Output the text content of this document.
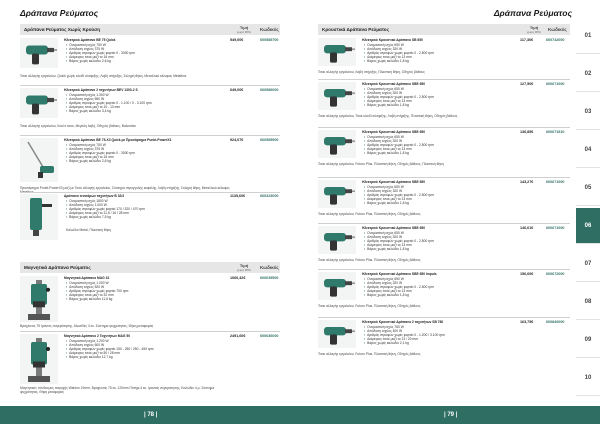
Δράπανα Ρεύματος
Δράπανα Ρεύματος Χωρίς Κρούση	Τιμή
χωρίς ΦΠΑ	Κωδικός
Ηλεκτρικό Δράπανο BE 75 Quick
▪ Ονομαστική ισχύς 750 W
▪ Απόδοση ισχύος 375 W
▪ Αριθμός στροφών χωρίς φορτίο 0 - 3000 rpm
▪ Διάμετρος τσοκ μαζί το 16 mm
▪ Βάρος χωρίς καλώδιο 2,6 kg
Τσοκ αλλαγής εργαλείου, Quick χωρίς κλειδί σύσφιξης, Λαβή στήριξης, Σκληρή θήκη, Μεταλλικό κέλυφος Metalbox
549,00€	600585700
Ηλεκτρικό Δράπανο 2 ταχυτήτων BEV 1300-2 S
▪ Ονομαστική ισχύς 1.300 W
▪ Απόδοση ισχύος 650 W
▪ Αριθμός στροφών χωρίς φορτίο 0 - 1.100 / 0 - 3.100 rpm
▪ Διάμετρος τσοκ μαζί το 10 - 13 mm
▪ Βάρος χωρίς καλώδιο 3,4 kg
Τσοκ αλλαγής εργαλείου, Κουλτ τσοκ, Μεγάλη λαβή, Οδηγός βάθους, Βαλιτσάκι
649,00€	600586000
Ηλεκτρικό Δράπανο BE 75-X3 Quick με Προσάρτημα Punkt-PowerX3
▪ Ονομαστική ισχύς 750 W
▪ Απόδοση ισχύος 375 W
▪ Αριθμός στροφών χωρίς φορτίο 0 - 3000 rpm
▪ Διάμετρος τσοκ μαζί το 16 mm
▪ Βάρος χωρίς καλώδιο 2,6 kg
Προσάρτημα Punkt-PowerX3 μαζί με Τσοκ αλλαγής εργαλείου, Σύστημα στρογγυλής κεφαλής, Λαβή στήριξης, Σκληρή θήκη, Μεταλλικό κέλυφος Metalbox
924,07€	600585900
Δράπανο τεσσάρων ταχυτήτων B 32/3
▪ Ονομαστική ισχύς 1800 W
▪ Απόδοση ισχύος 1.000 W
▪ Αριθμός στροφών χωρίς φορτίο 170 / 320 / 470 rpm
▪ Διάμετρος τσοκ μαζί το 11,5 / 16 / 28 mm
▪ Βάρος χωρίς καλώδιο 7,5 kg
Καλώδιο Metal, Πλαστική θήκη
1135,60€	600323000
Μαγνητικά Δράπανα Ρεύματος	Τιμή
χωρίς ΦΠΑ	Κωδικός
Μαγνητικό Δράπανο MAG 32
▪ Ονομαστική ισχύς 1.000 W
▪ Απόδοση ισχύος 520 W
▪ Αριθμός στροφών χωρίς φορτίο 700 rpm
▪ Διάμετρος τσοκ μαζί το 32 mm
▪ Βάρος χωρίς καλώδιο 11,6 kg
Βραχίονας 75 Ιμάντες συγκράτησης, Αλυσίδες 4 εκ. Σύστημα ψυχρότητας, Θήκη μεταφοράς
1060,42€	600635500
Μαγνητικό Δράπανο 2 Ταχυτήτων MAG 50
▪ Ονομαστική ισχύς 1.200 W
▪ Απόδοση ισχύος 600 W
▪ Αριθμός στροφών χωρίς φορτίο 150 - 250 / 250 - 450 rpm
▪ Διάμετρος τσοκ μαζί το 50 / 28 mm
▪ Βάρος χωρίς καλώδιο 12,7 kg
Μαγνητικός σύνδεσμος παροχής Weldon 19mm, Βραχίονας 75 εκ. 120mm Ποτήρι 4 εκ. Ιμάντας συγκράτησης, Καλώδιο 4 μ. Σύστημα ψυχρότητας, Θήκη μεταφοράς
2491,60€	600636000
| 78 |
Δράπανα Ρεύματος
Κρουστικά Δράπανα Ρεύματος	Τιμή
χωρίς ΦΠΑ	Κωδικός
Ηλεκτρικό Κρουστικό Δράπανο SB 650
▪ Ονομαστική ισχύς 650 W
▪ Απόδοση ισχύος 320 W
▪ Αριθμός στροφών χωρίς φορτίο 0 - 2.800 rpm
▪ Διάμετρος τσοκ μαζί το 13 mm
▪ Βάρος χωρίς καλώδιο 1,8 kg
Τσοκ αλλαγής εργαλείου, Λαβή στήριξης, Πλαστική θήκη, Οδηγός βάθους
117,30€	600742000
Ηλεκτρικό Κρουστικό Δράπανο SBE 650
▪ Ονομαστική ισχύς 650 W
▪ Απόδοση ισχύος 320 W
▪ Αριθμός στροφών χωρίς φορτίο 0 - 2.800 rpm
▪ Διάμετρος τσοκ μαζί το 13 mm
▪ Βάρος χωρίς καλώδιο 1,8 kg
Τσοκ αλλαγής εργαλείου, Τσοκ κλειδί σύσφιξης, Λαβή στήριξης, Πλαστική θήκη, Οδηγός βάθους
127,50€	600671000
Ηλεκτρικό Κρουστικό Δράπανο SBE 650
▪ Ονομαστική ισχύς 650 W
▪ Απόδοση ισχύος 320 W
▪ Αριθμός στροφών χωρίς φορτίο 0 - 2.800 rpm
▪ Διάμετρος τσοκ μαζί το 13 mm
▪ Βάρος χωρίς καλώδιο 1,8 kg
Τσοκ αλλαγής εργαλείου, Futuro Plus, Πλαστική θήκη, Οδηγός βάθους, Πλαστική θήκη
136,85€	600671510
Ηλεκτρικό Κρουστικό Δράπανο SBE 650
▪ Ονομαστική ισχύς 650 W
▪ Απόδοση ισχύος 320 W
▪ Αριθμός στροφών χωρίς φορτίο 0 - 2.800 rpm
▪ Διάμετρος τσοκ μαζί το 13 mm
▪ Βάρος χωρίς καλώδιο 1,8 kg
Τσοκ αλλαγής εργαλείου, Futuro Plus, Πλαστική θήκη, Οδηγός βάθους
143,27€	600671000
Ηλεκτρικό Κρουστικό Δράπανο SBE 650
▪ Ονομαστική ισχύς 650 W
▪ Απόδοση ισχύος 320 W
▪ Αριθμός στροφών χωρίς φορτίο 0 - 2.800 rpm
▪ Διάμετρος τσοκ μαζί το 13 mm
▪ Βάρος χωρίς καλώδιο 1,8 kg
Τσοκ αλλαγής εργαλείου, Futuro Plus, Πλαστική θήκη, Οδηγός βάθους
146,61€	600671000
Ηλεκτρικό Κρουστικό Δράπανο SBE 650 Impuls
▪ Ονομαστική ισχύς 650 W
▪ Απόδοση ισχύος 320 W
▪ Αριθμός στροφών χωρίς φορτίο 0 - 2.800 rpm
▪ Διάμετρος τσοκ μαζί το 13 mm
▪ Βάρος χωρίς καλώδιο 1,8 kg
Τσοκ αλλαγής εργαλείου, Futuro Plus, Πλαστική θήκη, Οδηγός βάθους
156,66€	600672000
Ηλεκτρικό Κρουστικό Δράπανο 2 ταχυτήτων SB 760
▪ Ονομαστική ισχύς 760 W
▪ Απόδοση ισχύος 400 W
▪ Αριθμός στροφών χωρίς φορτίο 0 - 1.200 / 3.100 rpm
▪ Διάμετρος τσοκ μαζί το 13 / 20 mm
▪ Βάρος χωρίς καλώδιο 2,1 kg
Τσοκ αλλαγής εργαλείου, Futuro Plus, Πλαστική θήκη, Οδηγός βάθους
163,75€	600840000
01
02
03
04
05
06
07
08
09
10
| 79 |
